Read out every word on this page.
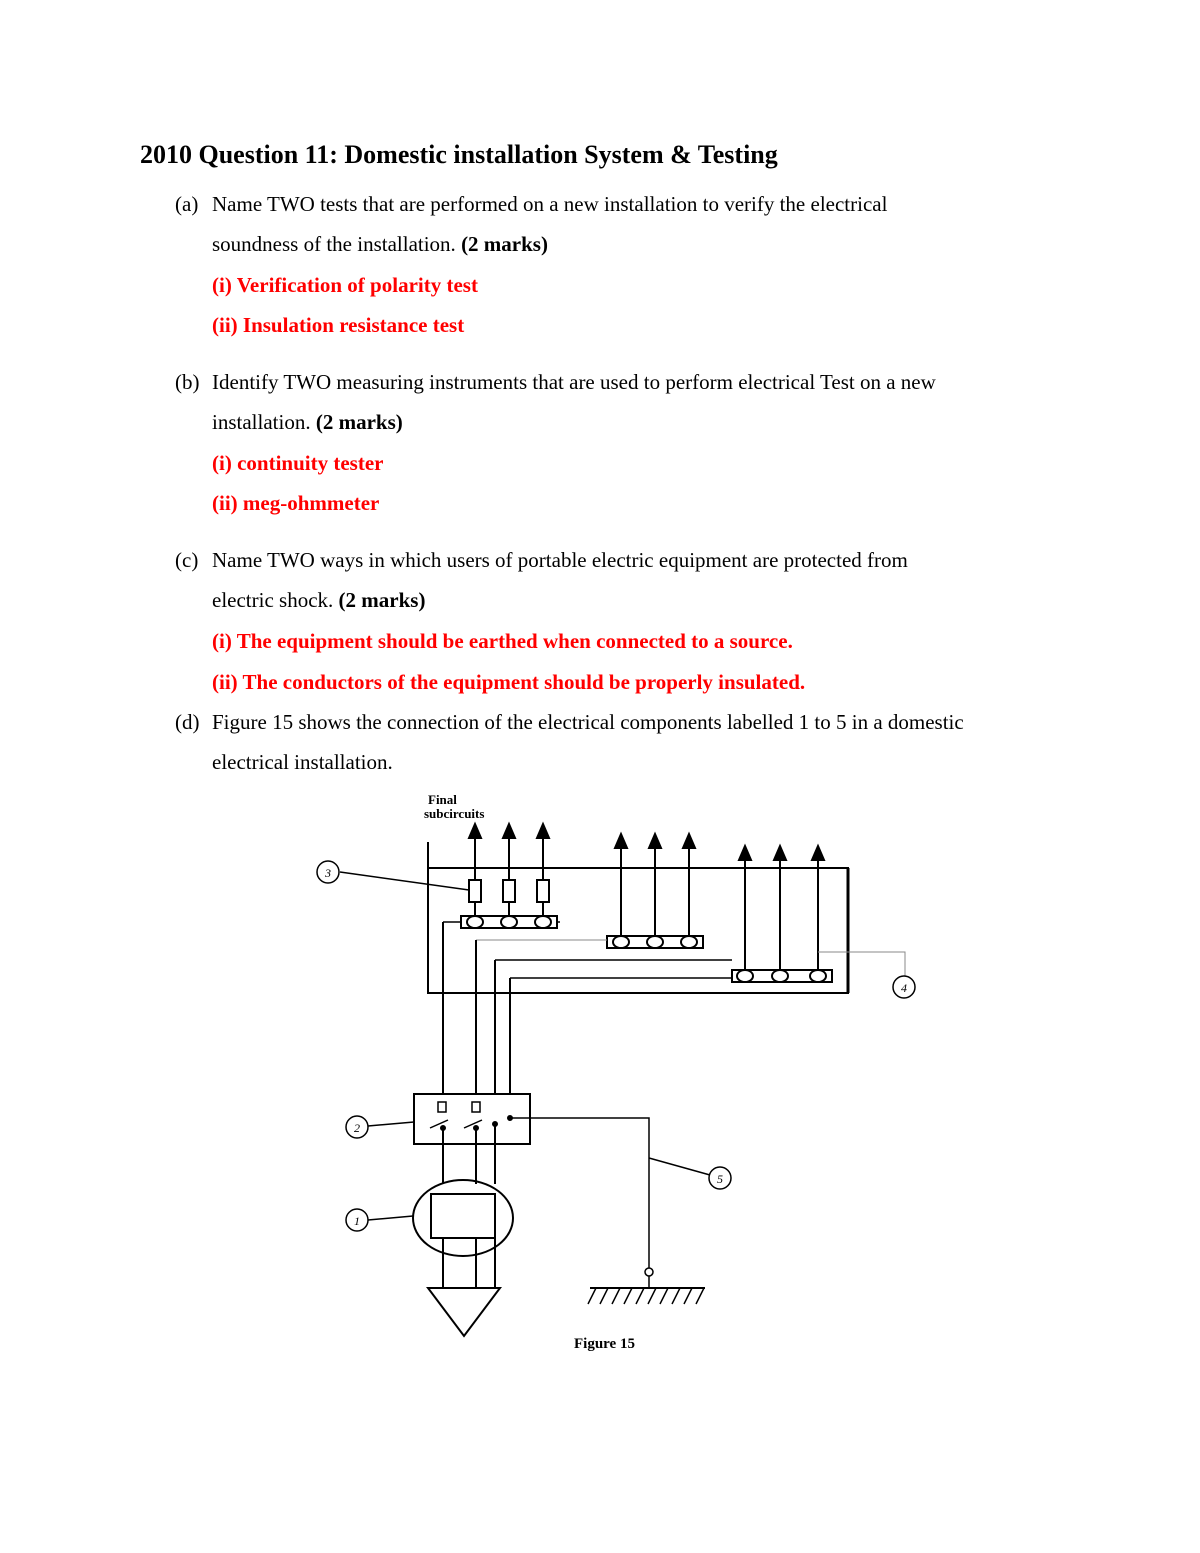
2010 Question 11: Domestic installation System & Testing
(a) Name TWO tests that are performed on a new installation to verify the electrical
soundness of the installation. (2 marks)
(i) Verification of polarity test
(ii) Insulation resistance test
(b) Identify TWO measuring instruments that are used to perform electrical Test on a new
installation. (2 marks)
(i) continuity tester
(ii) meg-ohmmeter
(c) Name TWO ways in which users of portable electric equipment are protected from
electric shock. (2 marks)
(i) The equipment should be earthed when connected to a source.
(ii) The conductors of the equipment should be properly insulated.
(d) Figure 15 shows the connection of the electrical components labelled 1 to 5 in a domestic
electrical installation.
Final
subcircuits
3
4
2
5
1
Figure 15
